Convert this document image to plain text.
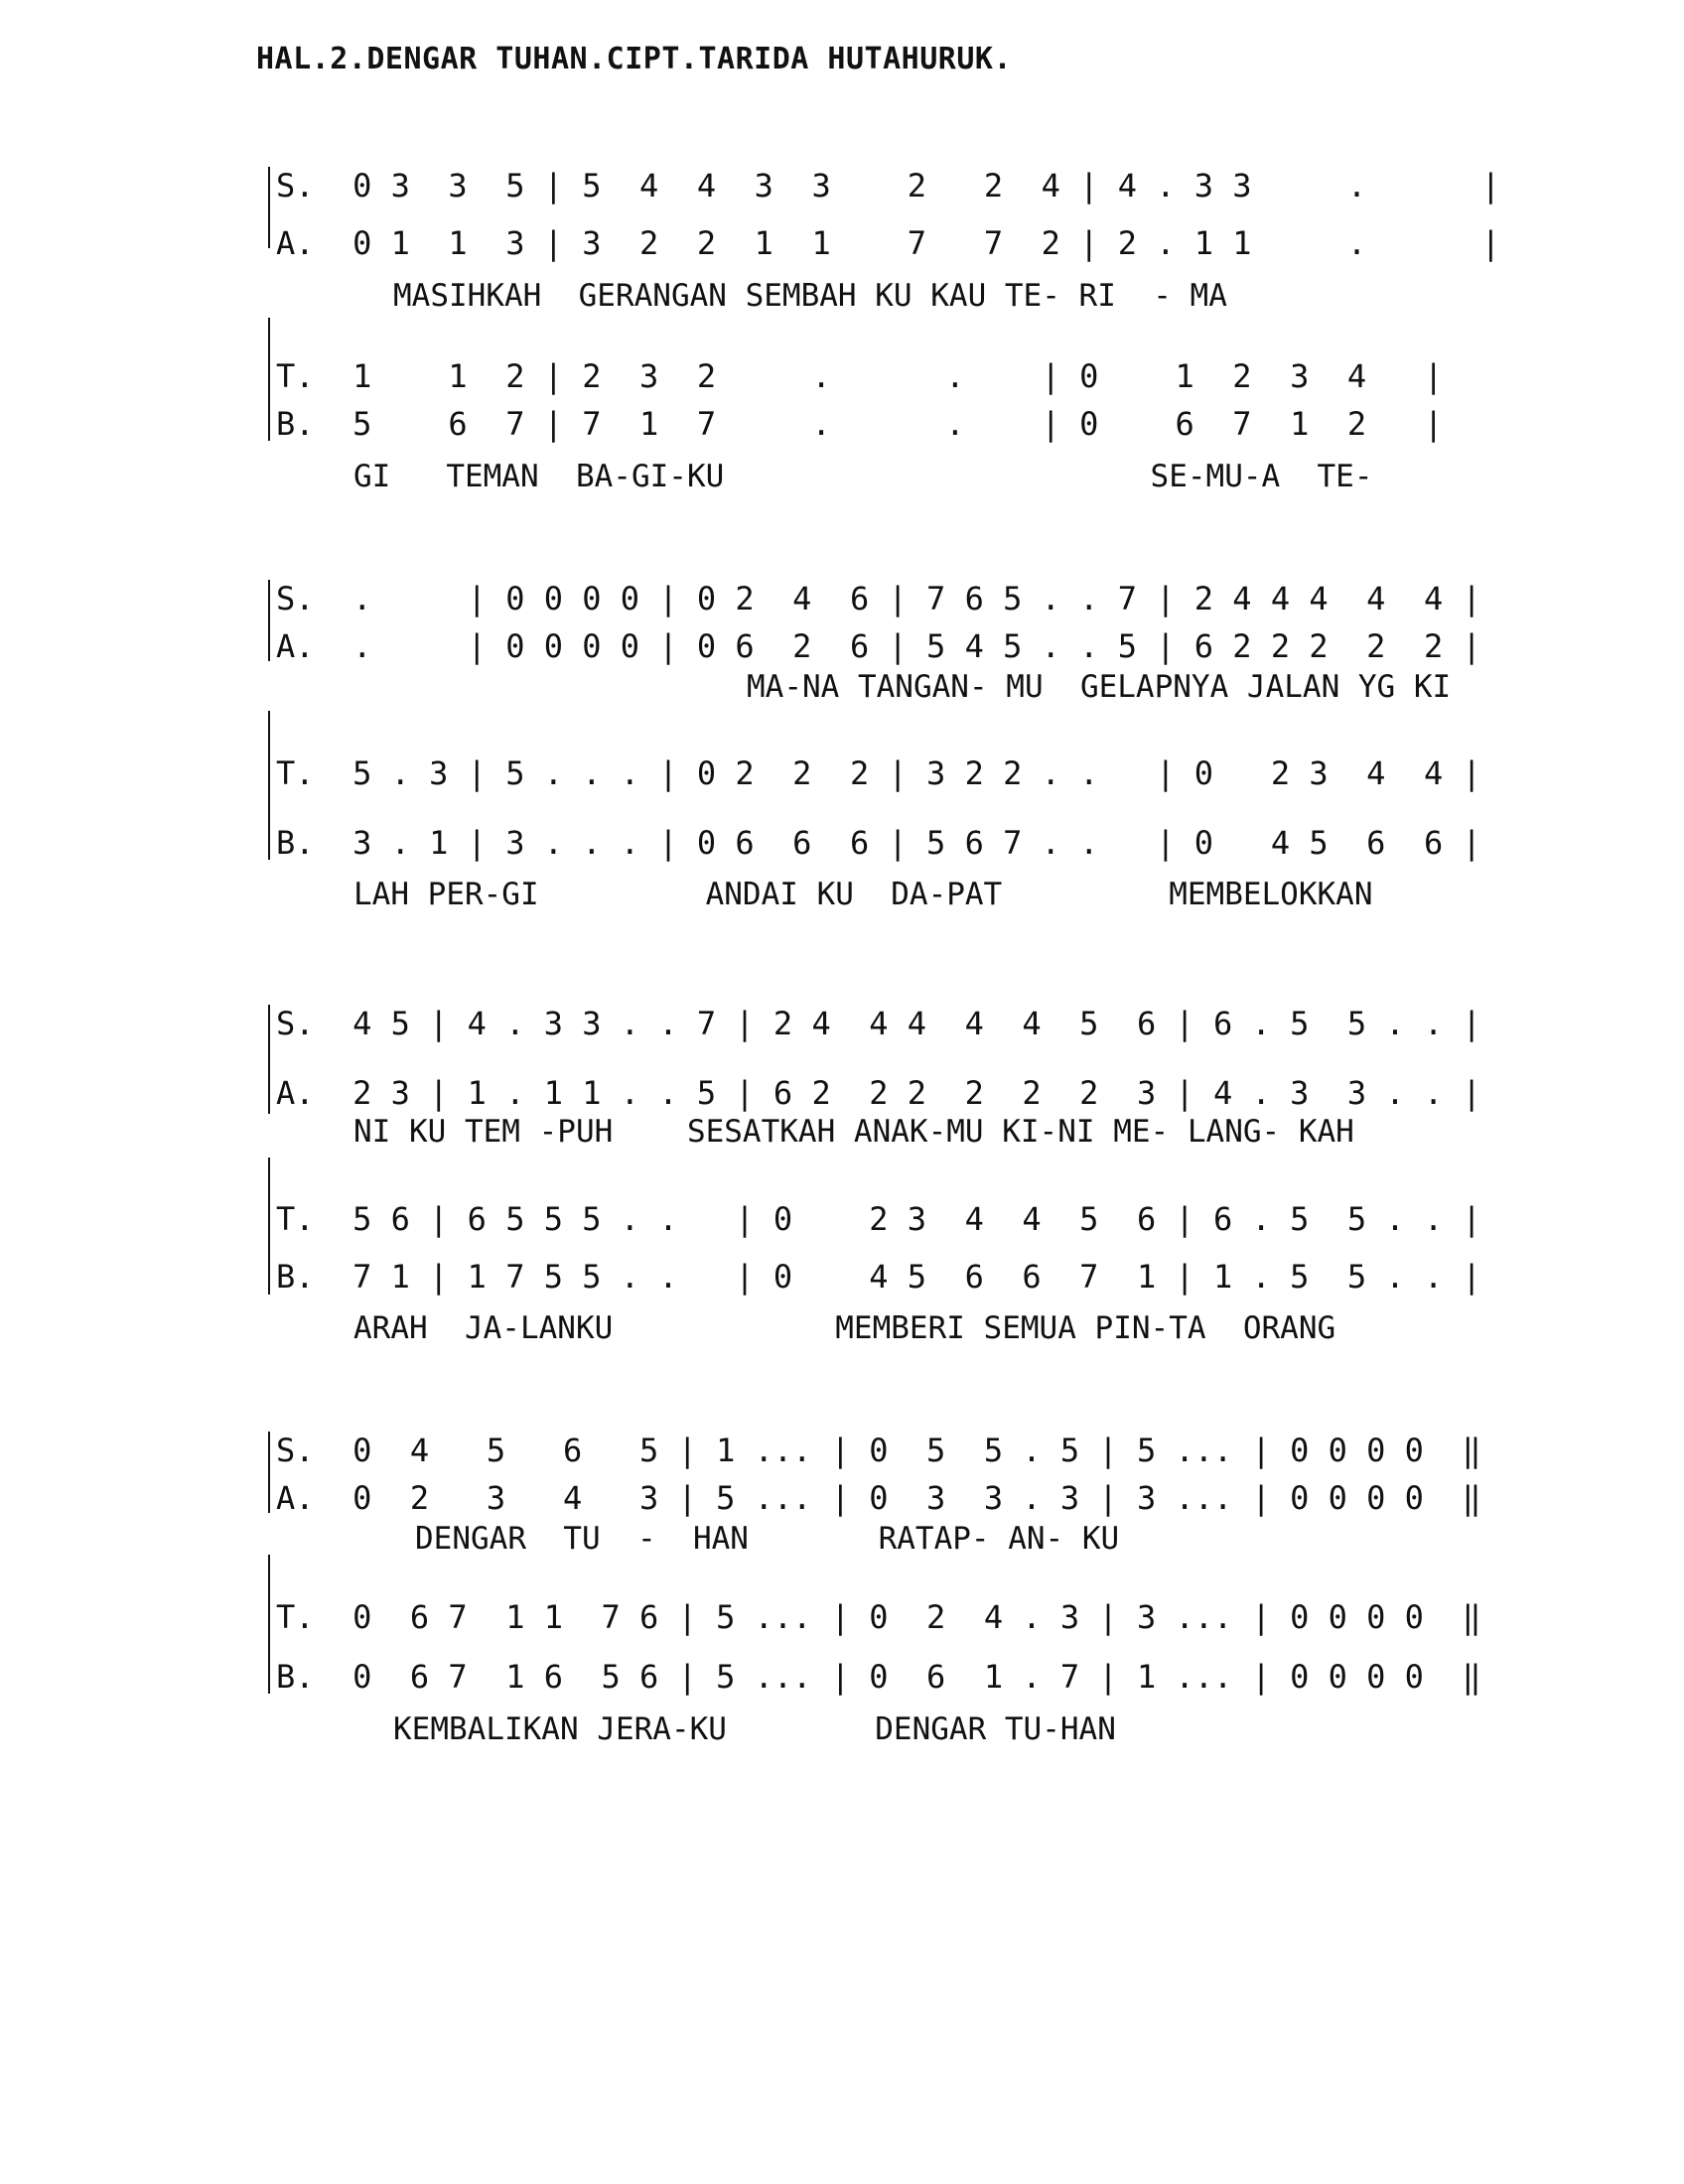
HAL.2.DENGAR TUHAN.CIPT.TARIDA HUTAHURUK.
S.  0 3  3  5 | 5  4  4  3  3    2   2  4 | 4 . 3 3     .      |
A.  0 1  1  3 | 3  2  2  1  1    7   7  2 | 2 . 1 1     .      |
MASIHKAH  GERANGAN SEMBAH KU KAU TE- RI  - MA
T.  1    1  2 | 2  3  2     .      .    | 0    1  2  3  4   |
B.  5    6  7 | 7  1  7     .      .    | 0    6  7  1  2   |
GI   TEMAN  BA-GI-KU                       SE-MU-A  TE-
S.  .     | 0 0 0 0 | 0 2  4  6 | 7 6 5 . . 7 | 2 4 4 4  4  4 |
A.  .     | 0 0 0 0 | 0 6  2  6 | 5 4 5 . . 5 | 6 2 2 2  2  2 |
MA-NA TANGAN- MU  GELAPNYA JALAN YG KI
T.  5 . 3 | 5 . . . | 0 2  2  2 | 3 2 2 . .   | 0   2 3  4  4 |
B.  3 . 1 | 3 . . . | 0 6  6  6 | 5 6 7 . .   | 0   4 5  6  6 |
LAH PER-GI         ANDAI KU  DA-PAT         MEMBELOKKAN
S.  4 5 | 4 . 3 3 . . 7 | 2 4  4 4  4  4  5  6 | 6 . 5  5 . . |
A.  2 3 | 1 . 1 1 . . 5 | 6 2  2 2  2  2  2  3 | 4 . 3  3 . . |
NI KU TEM -PUH    SESATKAH ANAK-MU KI-NI ME- LANG- KAH
T.  5 6 | 6 5 5 5 . .   | 0    2 3  4  4  5  6 | 6 . 5  5 . . |
B.  7 1 | 1 7 5 5 . .   | 0    4 5  6  6  7  1 | 1 . 5  5 . . |
ARAH  JA-LANKU            MEMBERI SEMUA PIN-TA  ORANG
S.  0  4   5   6   5 | 1 ... | 0  5  5 . 5 | 5 ... | 0 0 0 0  ‖
A.  0  2   3   4   3 | 5 ... | 0  3  3 . 3 | 3 ... | 0 0 0 0  ‖
DENGAR  TU  -  HAN       RATAP- AN- KU
T.  0  6 7  1 1  7 6 | 5 ... | 0  2  4 . 3 | 3 ... | 0 0 0 0  ‖
B.  0  6 7  1 6  5 6 | 5 ... | 0  6  1 . 7 | 1 ... | 0 0 0 0  ‖
KEMBALIKAN JERA-KU        DENGAR TU-HAN
